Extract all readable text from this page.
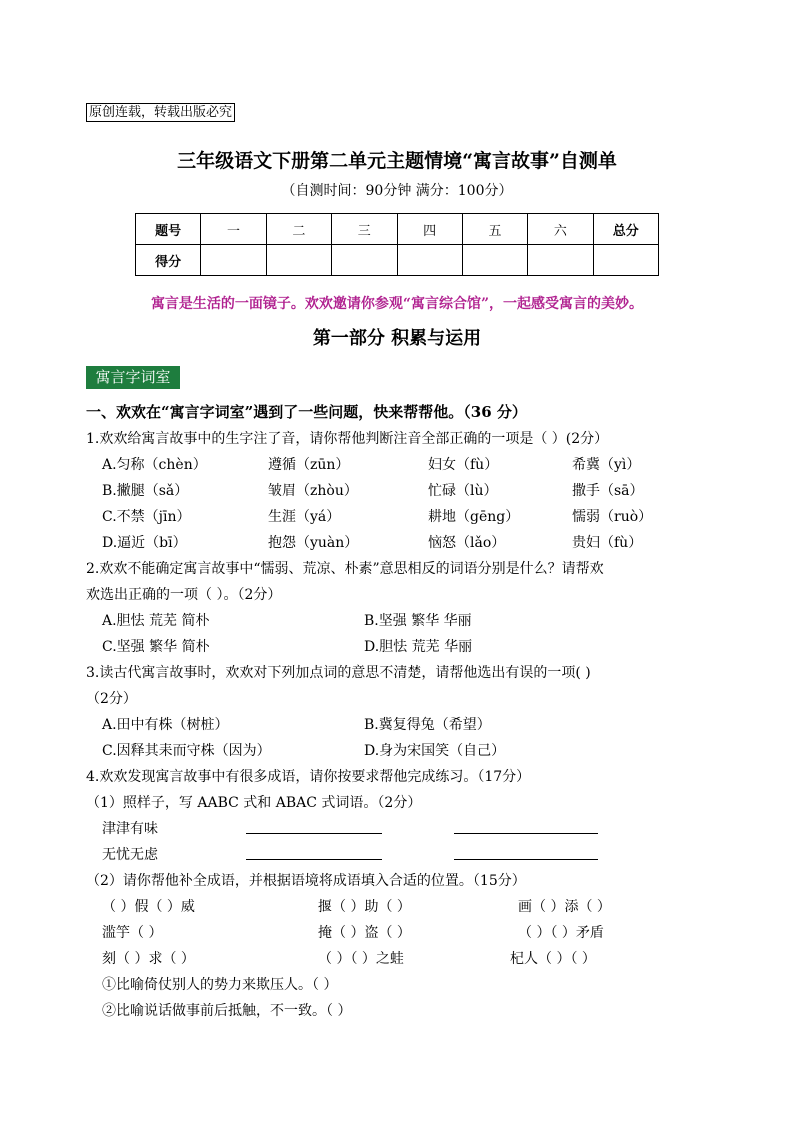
原创连载，转载出版必究
三年级语文下册第二单元主题情境“寓言故事”自测单
（自测时间：90分钟 满分：100分）
题号	一	二	三	四	五	六	总分
得分							
寓言是生活的一面镜子。欢欢邀请你参观“寓言综合馆”，一起感受寓言的美妙。
第一部分 积累与运用
寓言字词室
一、欢欢在“寓言字词室”遇到了一些问题，快来帮帮他。（36 分）
1.欢欢给寓言故事中的生字注了音，请你帮他判断注音全部正确的一项是（ ）(2分）
A.匀称（chèn）	遵循（zūn）	妇女（fù）	希冀（yì）
B.撇腿（sǎ）	皱眉（zhòu）	忙碌（lù）	撒手（sā）
C.不禁（jīn）	生涯（yá）	耕地（gēng）	懦弱（ruò）
D.逼近（bī）	抱怨（yuàn）	恼怒（lǎo）	贵妇（fù）
2.欢欢不能确定寓言故事中“懦弱、荒凉、朴素”意思相反的词语分别是什么？请帮欢
欢选出正确的一项（ ）。（2分）
A.胆怯 荒芜 简朴	B.坚强 繁华 华丽
C.坚强 繁华 简朴	D.胆怯 荒芜 华丽
3.读古代寓言故事时，欢欢对下列加点词的意思不清楚，请帮他选出有误的一项( )
（2分）
A.田中有株（树桩）	B.冀复得兔（希望）
C.因释其耒而守株（因为）	D.身为宋国笑（自己）
4.欢欢发现寓言故事中有很多成语，请你按要求帮他完成练习。（17分）
（1）照样子，写 AABC 式和 ABAC 式词语。（2分）
津津有味
无忧无虑
（2）请你帮他补全成语，并根据语境将成语填入合适的位置。（15分）
（ ）假（ ）威	揠（ ）助（ ）	画（ ）添（ ）
滥竽（ ）	掩（ ）盗（ ）	（ ）（ ）矛盾
刻（ ）求（ ）	（ ）（ ）之蛙	杞人（ ）（ ）
①比喻倚仗别人的势力来欺压人。（ ）
②比喻说话做事前后抵触，不一致。（ ）
